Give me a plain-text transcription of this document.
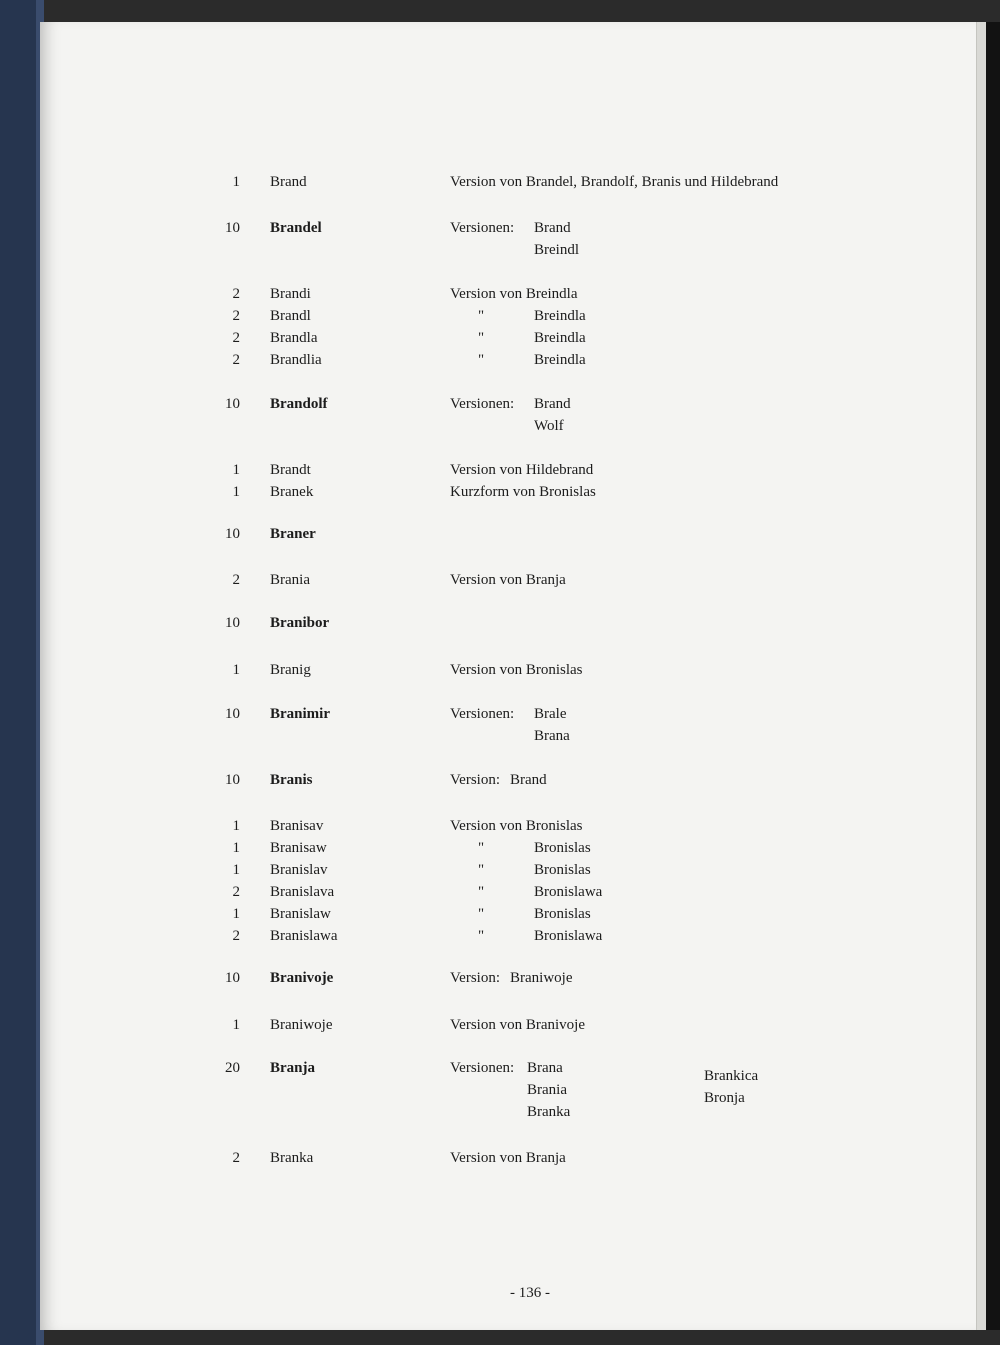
1 Brand	Version von Brandel, Brandolf, Branis und Hildebrand
10 Brandel	Versionen: Brand
Breindl
2 Brandi	Version von Breindla
2 Brandl	"	Breindla
2 Brandla	"	Breindla
2 Brandlia	"	Breindla
10 Brandolf	Versionen: Brand
Wolf
1 Brandt	Version von Hildebrand
1 Branek	Kurzform von Bronislas
10 Braner
2 Brania	Version von Branja
10 Branibor
1 Branig	Version von Bronislas
10 Branimir	Versionen: Brale
Brana
10 Branis	Version: Brand
1 Branisav	Version von Bronislas
1 Branisaw	"	Bronislas
1 Branislav	"	Bronislas
2 Branislava	"	Bronislawa
1 Branislaw	"	Bronislas
2 Branislawa	"	Bronislawa
10 Branivoje	Version: Braniwoje
1 Braniwoje	Version von Branivoje
20 Branja	Versionen: Brana
Brania
Branka
Brankica
Bronja
2 Branka	Version von Branja
- 136 -
